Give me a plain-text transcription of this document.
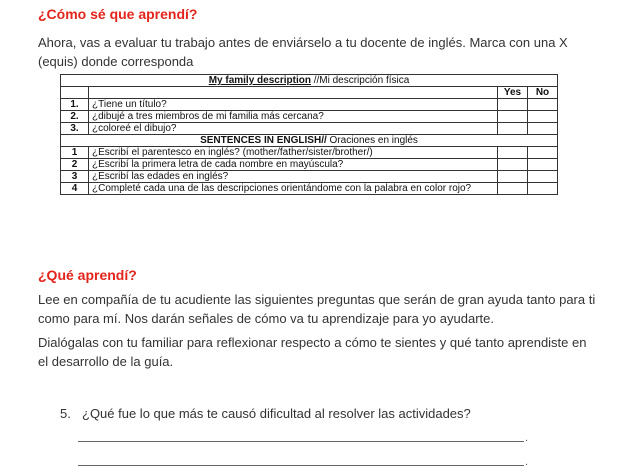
¿Cómo sé que aprendí?
Ahora, vas a evaluar tu trabajo antes de enviárselo a tu docente de inglés. Marca con una X (equis) donde corresponda
My family description //Mi descripción física			
		Yes	No
1.	¿Tiene un título?		
2.	¿dibujé a tres miembros de mi familia más cercana?		
3.	¿coloreé el dibujo?		
SENTENCES IN ENGLISH// Oraciones en inglés			
1	¿Escribí el parentesco en inglés? (mother/father/sister/brother/)		
2	¿Escribí la primera letra de cada nombre en mayúscula?		
3	¿Escribí las edades en inglés?		
4	¿Completé cada una de las descripciones orientándome con la palabra en color rojo?		
¿Qué aprendí?
Lee en compañía de tu acudiente las siguientes preguntas que serán de gran ayuda tanto para ti como para mí. Nos darán señales de cómo va tu aprendizaje para yo ayudarte.
Dialógalas con tu familiar para reflexionar respecto a cómo te sientes y qué tanto aprendiste en el desarrollo de la guía.
5. ¿Qué fue lo que más te causó dificultad al resolver las actividades?
.
.
